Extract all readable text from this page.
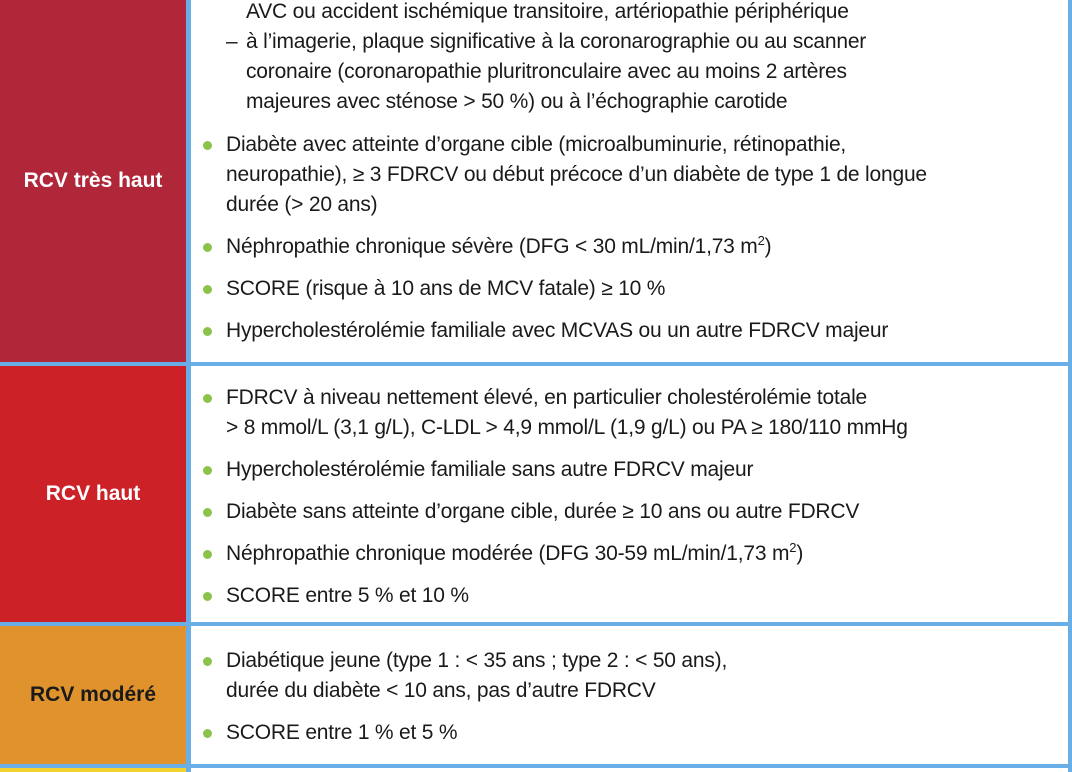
RCV très haut
AVC ou accident ischémique transitoire, artériopathie périphérique
– à l’imagerie, plaque significative à la coronarographie ou au scanner
coronaire (coronaropathie pluritronculaire avec au moins 2 artères
majeures avec sténose > 50 %) ou à l’échographie carotide
Diabète avec atteinte d’organe cible (microalbuminurie, rétinopathie,
neuropathie), ≥ 3 FDRCV ou début précoce d’un diabète de type 1 de longue
durée (> 20 ans)
Néphropathie chronique sévère (DFG < 30 mL/min/1,73 $m^2$)
SCORE (risque à 10 ans de MCV fatale) ≥ 10 %
Hypercholestérolémie familiale avec MCVAS ou un autre FDRCV majeur
RCV haut
FDRCV à niveau nettement élevé, en particulier cholestérolémie totale
> 8 mmol/L (3,1 g/L), C-LDL > 4,9 mmol/L (1,9 g/L) ou PA ≥ 180/110 mmHg
Hypercholestérolémie familiale sans autre FDRCV majeur
Diabète sans atteinte d’organe cible, durée ≥ 10 ans ou autre FDRCV
Néphropathie chronique modérée (DFG 30-59 mL/min/1,73 $m^2$)
SCORE entre 5 % et 10 %
RCV modéré
Diabétique jeune (type 1 : < 35 ans ; type 2 : < 50 ans),
durée du diabète < 10 ans, pas d’autre FDRCV
SCORE entre 1 % et 5 %
